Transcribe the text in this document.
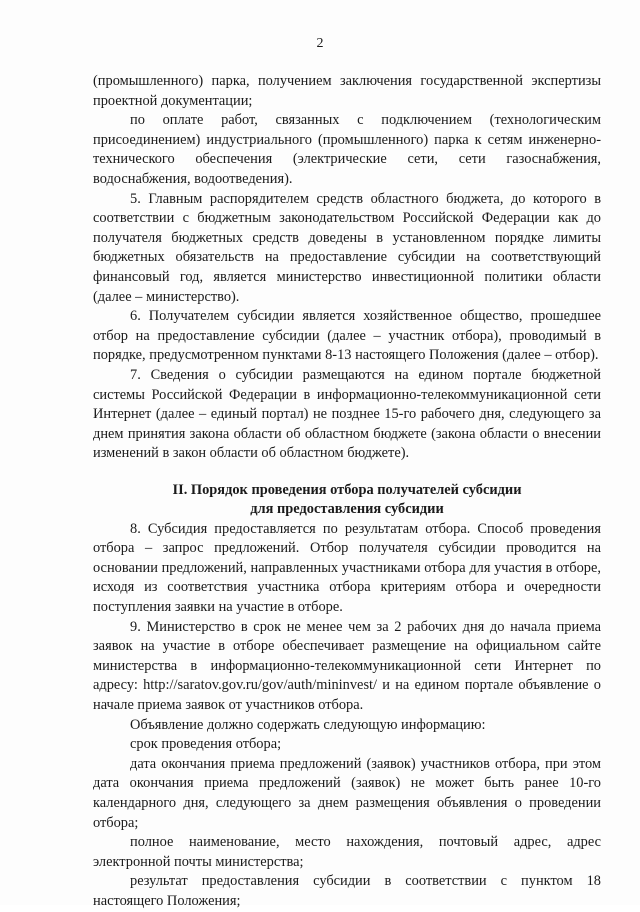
2

(промышленного) парка, получением заключения государственной экспертизы проектной документации;

по оплате работ, связанных с подключением (технологическим присоединением) индустриального (промышленного) парка к сетям инженерно-технического обеспечения (электрические сети, сети газоснабжения, водоснабжения, водоотведения).

5. Главным распорядителем средств областного бюджета, до которого в соответствии с бюджетным законодательством Российской Федерации как до получателя бюджетных средств доведены в установленном порядке лимиты бюджетных обязательств на предоставление субсидии на соответствующий финансовый год, является министерство инвестиционной политики области (далее – министерство).

6. Получателем субсидии является хозяйственное общество, прошедшее отбор на предоставление субсидии (далее – участник отбора), проводимый в порядке, предусмотренном пунктами 8-13 настоящего Положения (далее – отбор).

7. Сведения о субсидии размещаются на едином портале бюджетной системы Российской Федерации в информационно-телекоммуникационной сети Интернет (далее – единый портал) не позднее 15-го рабочего дня, следующего за днем принятия закона области об областном бюджете (закона области о внесении изменений в закон области об областном бюджете).

II. Порядок проведения отбора получателей субсидии
для предоставления субсидии

8. Субсидия предоставляется по результатам отбора. Способ проведения отбора – запрос предложений. Отбор получателя субсидии проводится на основании предложений, направленных участниками отбора для участия в отборе, исходя из соответствия участника отбора критериям отбора и очередности поступления заявки на участие в отборе.

9. Министерство в срок не менее чем за 2 рабочих дня до начала приема заявок на участие в отборе обеспечивает размещение на официальном сайте министерства в информационно-телекоммуникационной сети Интернет по адресу: http://saratov.gov.ru/gov/auth/mininvest/ и на едином портале объявление о начале приема заявок от участников отбора.

Объявление должно содержать следующую информацию:

срок проведения отбора;

дата окончания приема предложений (заявок) участников отбора, при этом дата окончания приема предложений (заявок) не может быть ранее 10-го календарного дня, следующего за днем размещения объявления о проведении отбора;

полное наименование, место нахождения, почтовый адрес, адрес электронной почты министерства;

результат предоставления субсидии в соответствии с пунктом 18 настоящего Положения;
